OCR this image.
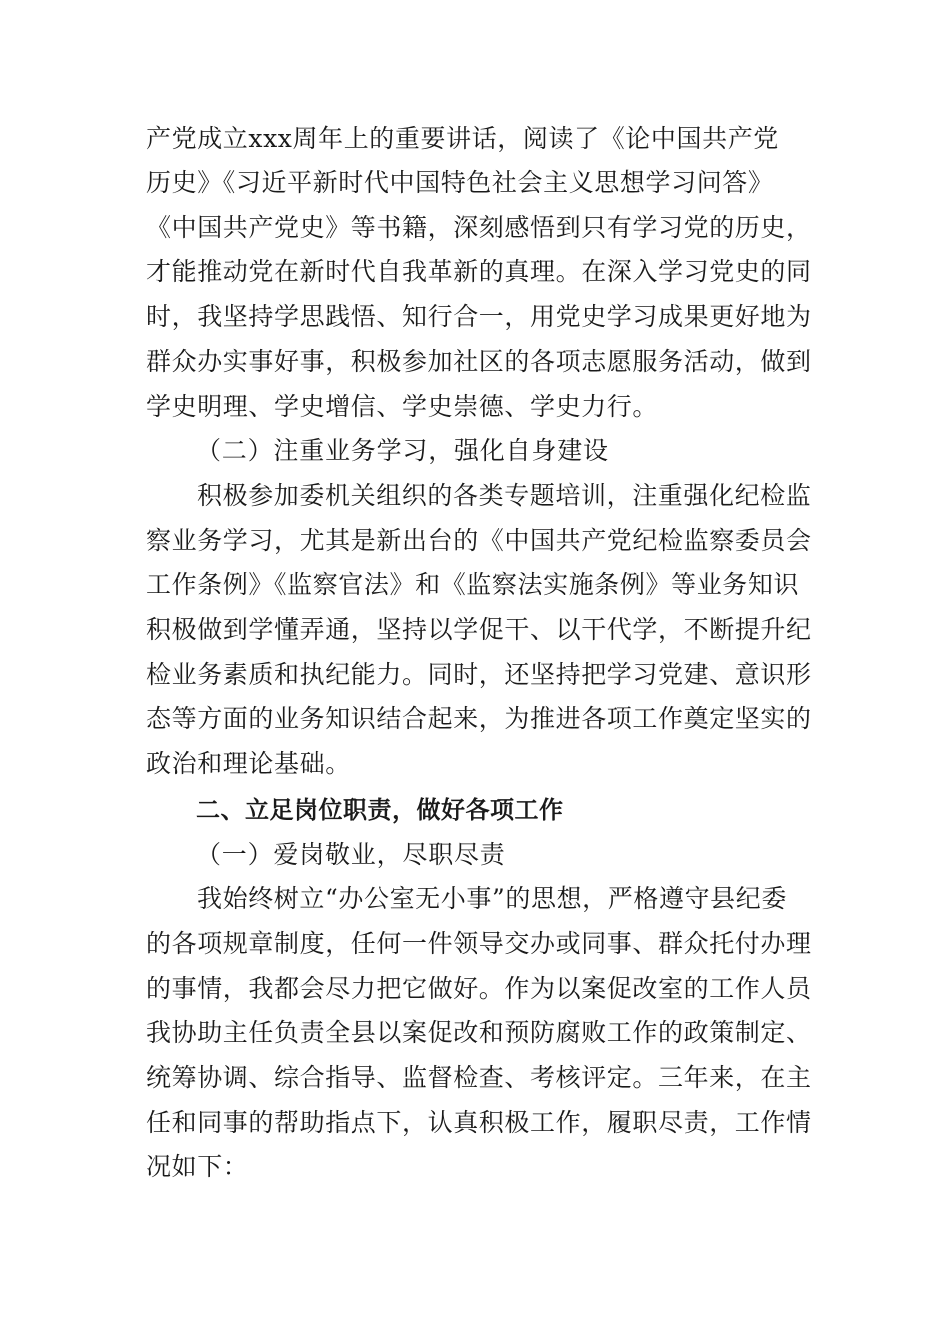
产党成立xxx周年上的重要讲话，阅读了《论中国共产党
历史》《习近平新时代中国特色社会主义思想学习问答》
《中国共产党史》等书籍，深刻感悟到只有学习党的历史，
才能推动党在新时代自我革新的真理。在深入学习党史的同
时，我坚持学思践悟、知行合一，用党史学习成果更好地为
群众办实事好事，积极参加社区的各项志愿服务活动，做到
学史明理、学史增信、学史崇德、学史力行。
（二）注重业务学习，强化自身建设
积极参加委机关组织的各类专题培训，注重强化纪检监
察业务学习，尤其是新出台的《中国共产党纪检监察委员会
工作条例》《监察官法》和《监察法实施条例》等业务知识
积极做到学懂弄通，坚持以学促干、以干代学，不断提升纪
检业务素质和执纪能力。同时，还坚持把学习党建、意识形
态等方面的业务知识结合起来，为推进各项工作奠定坚实的
政治和理论基础。
二、立足岗位职责，做好各项工作
（一）爱岗敬业，尽职尽责
我始终树立“办公室无小事”的思想，严格遵守县纪委
的各项规章制度，任何一件领导交办或同事、群众托付办理
的事情，我都会尽力把它做好。作为以案促改室的工作人员
我协助主任负责全县以案促改和预防腐败工作的政策制定、
统筹协调、综合指导、监督检查、考核评定。三年来，在主
任和同事的帮助指点下，认真积极工作，履职尽责，工作情
况如下：
